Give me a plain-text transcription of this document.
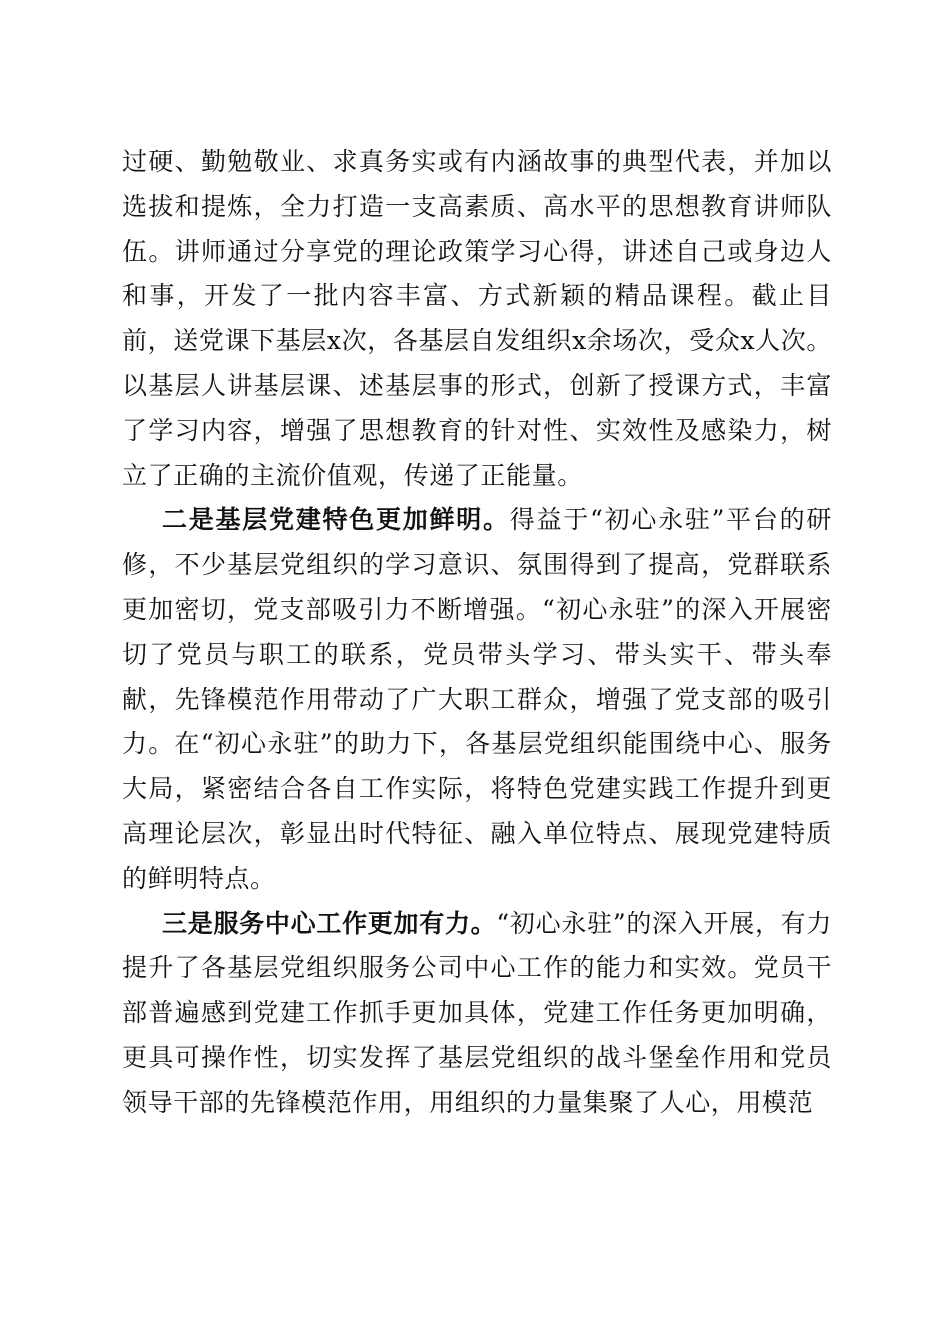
过硬、勤勉敬业、求真务实或有内涵故事的典型代表，并加以选拔和提炼，全力打造一支高素质、高水平的思想教育讲师队伍。讲师通过分享党的理论政策学习心得，讲述自己或身边人和事，开发了一批内容丰富、方式新颖的精品课程。截止目前，送党课下基层x次，各基层自发组织x余场次，受众x人次。以基层人讲基层课、述基层事的形式，创新了授课方式，丰富了学习内容，增强了思想教育的针对性、实效性及感染力，树立了正确的主流价值观，传递了正能量。

二是基层党建特色更加鲜明。得益于“初心永驻”平台的研修，不少基层党组织的学习意识、氛围得到了提高，党群联系更加密切，党支部吸引力不断增强。“初心永驻”的深入开展密切了党员与职工的联系，党员带头学习、带头实干、带头奉献，先锋模范作用带动了广大职工群众，增强了党支部的吸引力。在“初心永驻”的助力下，各基层党组织能围绕中心、服务大局，紧密结合各自工作实际，将特色党建实践工作提升到更高理论层次，彰显出时代特征、融入单位特点、展现党建特质的鲜明特点。

三是服务中心工作更加有力。“初心永驻”的深入开展，有力提升了各基层党组织服务公司中心工作的能力和实效。党员干部普遍感到党建工作抓手更加具体，党建工作任务更加明确，更具可操作性，切实发挥了基层党组织的战斗堡垒作用和党员领导干部的先锋模范作用，用组织的力量集聚了人心，用模范
